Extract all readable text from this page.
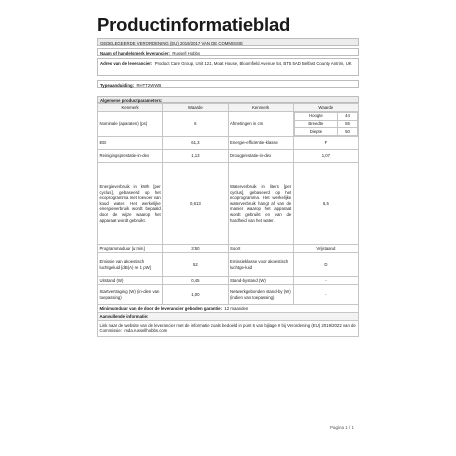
Productinformatieblad
GEDELEGEERDE VERORDENING (EU) 2019/2017 VAN DE COMMISSIE
Naam of handelsmerk leverancier: Russell Hobbs
Adres van de leverancier: Product Care Group, Unit 121, Moat House, Bloomfield Avenue 54, BT5 5AD Belfast County Antrim, UK
Typeaanduiding: RHTT2WWB
Algemene productparameters:
Kenmerk	Waarde	Kenmerk	Waarde
Nominale (aparaten) (ps)	6	Afmetingen in cm	
Hoogte	44
Breedte	55
Diepte	50

EEI	61,3	Energie-efficiëntie-klasse	F
Reinigingsprestatie-in-dex	1,13	Droogprestatie-in-dex	1,07
Energieverbruik in kWh [per cyclus], gebaseerd op het ecoprogramma met toevoer van koud water. Het werkelijke energieverbruik wordt bepaald door de wijze waarop het apparaat wordt gebruikt.	0,613	Waterverbruik in liters [per cyclus], gebaseerd op het ecoprogramma. Het werkelijke waterverbruik hangt af van de manier waarop het apparaat wordt gebruikt en van de hardheid van het water.	6,5
Programmaduur [u:min]	3:50	Soort	Vrijstaand
Emissie van akoestisch luchtgeluid [dB(A) re 1 pW]	52	Emissieklasse voor akoestisch luchtge-luid	D
Uitstand (W)	0,45	Stand-bystand (W)	-
Startvertraging (W) (in-dien van toepassing)	1,00	Netwerkgebonden stand-by (W) (indien van toepassing)	-
Minimumduur van de door de leverancier geboden garantie: 12 maanden
Aanvullende informatie:
Link naar de website van de leverancier met de informatie zoals bedoeld in punt 6 van bijlage II bij Verordening (EU) 2019/2022 van de Commissie: mda.russellhobbs.com
Pagina 1 / 1
